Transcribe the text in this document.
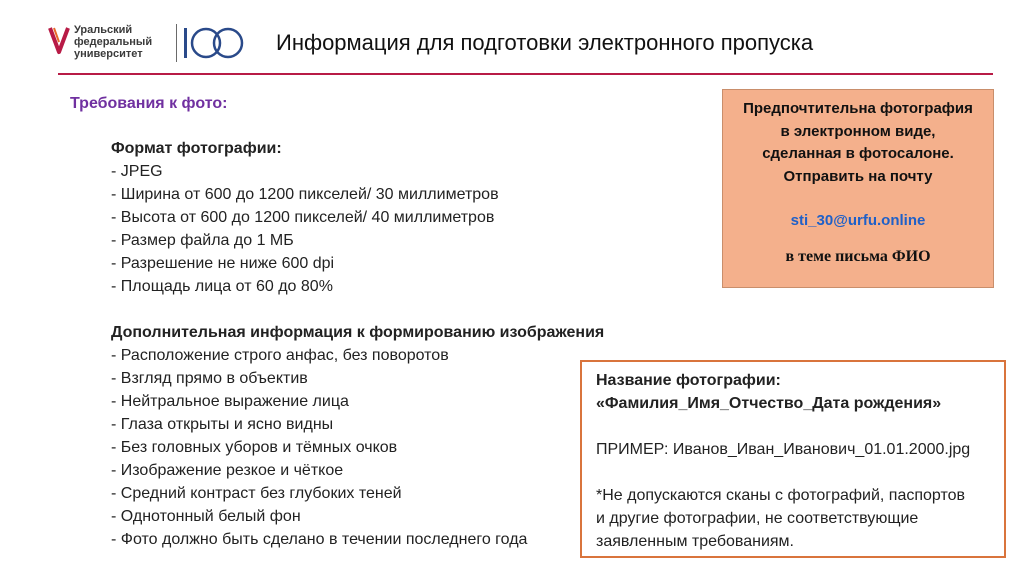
Уральский
федеральный
университет	Информация для подготовки электронного пропуска
Требования к фото:
Формат фотографии:
- JPEG
- Ширина от 600 до 1200 пикселей/ 30 миллиметров
- Высота от 600 до 1200 пикселей/ 40 миллиметров
- Размер файла до 1 МБ
- Разрешение не ниже 600 dpi
- Площадь лица от 60 до 80%
Дополнительная информация к формированию изображения
- Расположение строго анфас, без поворотов
- Взгляд прямо в объектив
- Нейтральное выражение лица
- Глаза открыты и ясно видны
- Без головных уборов и тёмных очков
- Изображение резкое и чёткое
- Средний контраст без глубоких теней
- Однотонный белый фон
- Фото должно быть сделано в течении последнего года
Предпочтительна фотография
в электронном виде,
сделанная в фотосалоне.
Отправить на почту
sti_30@urfu.online
в теме письма ФИО
Название фотографии:
«Фамилия_Имя_Отчество_Дата рождения»
ПРИМЕР: Иванов_Иван_Иванович_01.01.2000.jpg
*Не допускаются сканы с фотографий, паспортов
и другие фотографии, не соответствующие
заявленным требованиям.
